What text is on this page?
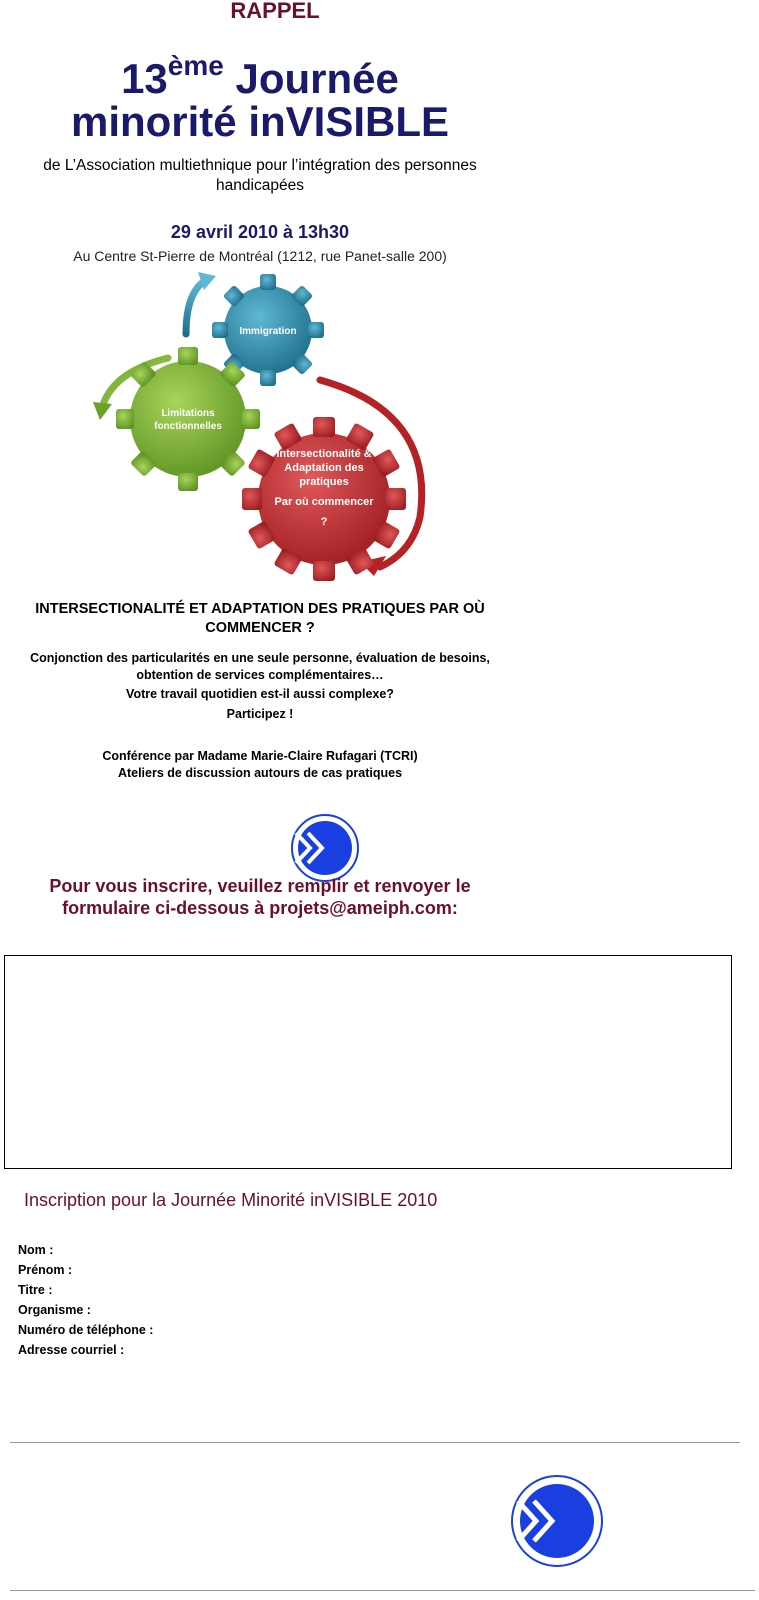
RAPPEL
13ème Journée
minorité inVISIBLE
de L’Association multiethnique pour l’intégration des personnes handicapées
29 avril 2010 à 13h30
Au Centre St-Pierre de Montréal (1212, rue Panet-salle 200)
Immigration
Limitations
fonctionnelles
Intersectionalité &
Adaptation des
pratiques
Par où commencer
?
INTERSECTIONALITÉ ET ADAPTATION DES PRATIQUES PAR OÙ COMMENCER ?
Conjonction des particularités en une seule personne, évaluation de besoins, obtention de services complémentaires…
Votre travail quotidien est-il aussi complexe?
Participez !
Conférence par Madame Marie-Claire Rufagari (TCRI)
Ateliers de discussion autours de cas pratiques
Pour vous inscrire, veuillez remplir et renvoyer le formulaire ci-dessous à projets@ameiph.com:
Inscription pour la Journée Minorité inVISIBLE 2010
Nom :
Prénom :
Titre :
Organisme :
Numéro de téléphone :
Adresse courriel :
